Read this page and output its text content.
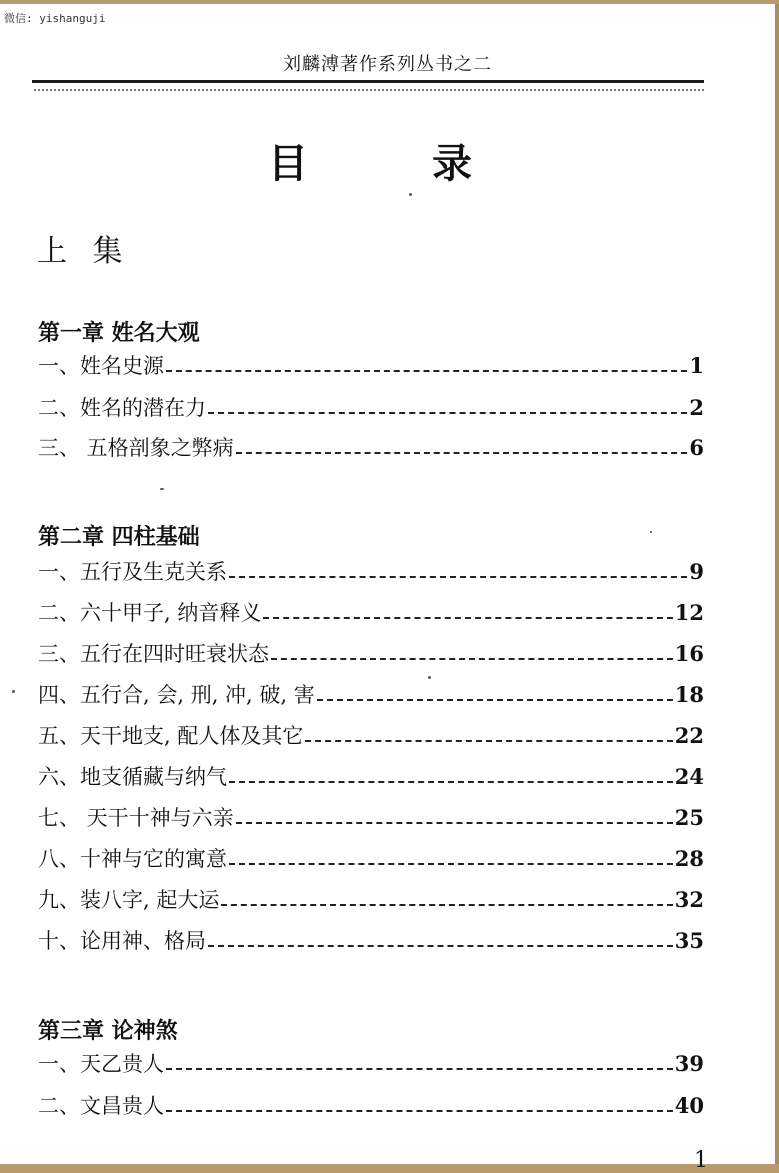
微信: yishanguji
刘麟溥著作系列丛书之二
目	录
上 集
第一章 姓名大观
一、姓名史源	1
二、姓名的潜在力	2
三、 五格剖象之弊病	6
第二章 四柱基础
一、五行及生克关系	9
二、六十甲子, 纳音释义	12
三、五行在四时旺衰状态	16
四、五行合, 会, 刑, 冲, 破, 害	18
五、天干地支, 配人体及其它	22
六、地支循藏与纳气	24
七、 天干十神与六亲	25
八、十神与它的寓意	28
九、装八字, 起大运	32
十、论用神、格局	35
第三章 论神煞
一、天乙贵人	39
二、文昌贵人	40
1
